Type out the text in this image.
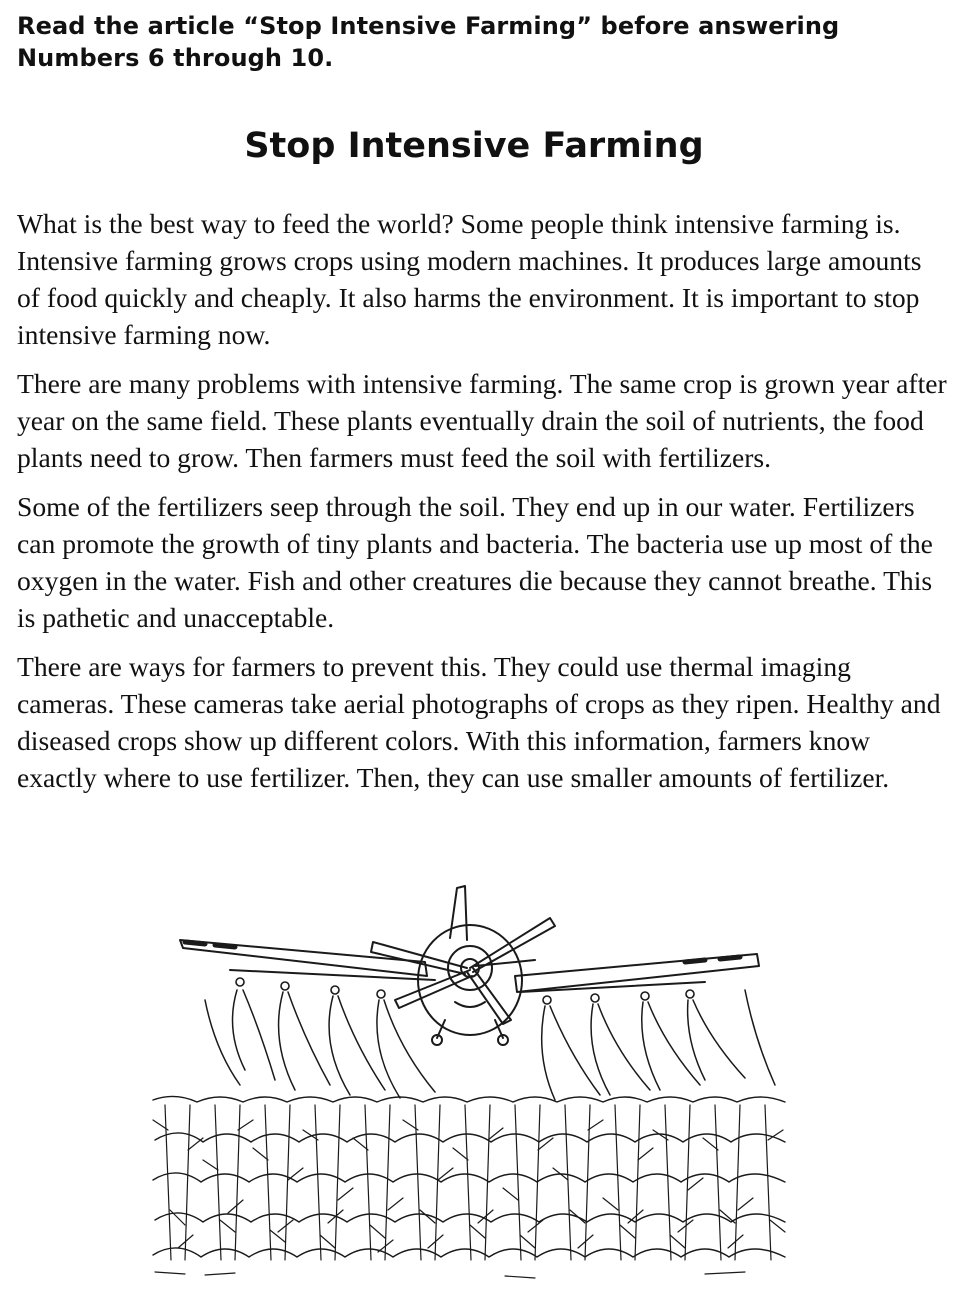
Read the article “Stop Intensive Farming” before answering Numbers 6 through 10.

Stop Intensive Farming

What is the best way to feed the world? Some people think intensive farming is. Intensive farming grows crops using modern machines. It produces large amounts of food quickly and cheaply. It also harms the environment. It is important to stop intensive farming now.

There are many problems with intensive farming. The same crop is grown year after year on the same field. These plants eventually drain the soil of nutrients, the food plants need to grow. Then farmers must feed the soil with fertilizers.

Some of the fertilizers seep through the soil. They end up in our water. Fertilizers can promote the growth of tiny plants and bacteria. The bacteria use up most of the oxygen in the water. Fish and other creatures die because they cannot breathe. This is pathetic and unacceptable.

There are ways for farmers to prevent this. They could use thermal imaging cameras. These cameras take aerial photographs of crops as they ripen. Healthy and diseased crops show up different colors. With this information, farmers know exactly where to use fertilizer. Then, they can use smaller amounts of fertilizer.
